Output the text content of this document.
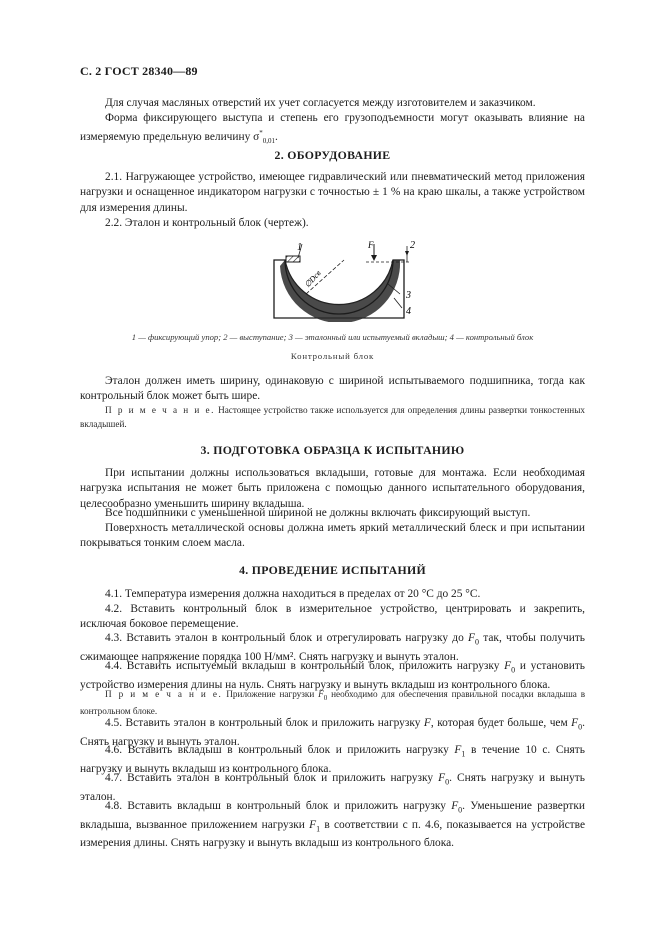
С. 2 ГОСТ 28340—89
Для случая масляных отверстий их учет согласуется между изготовителем и заказчиком.
Форма фиксирующего выступа и степень его грузоподъемности могут оказывать влияние на измеряемую предельную величину $\sigma^*_{0,01}$.
2. ОБОРУДОВАНИЕ
2.1. Нагружающее устройство, имеющее гидравлический или пневматический метод приложения нагрузки и оснащенное индикатором нагрузки с точностью ± 1 % на краю шкалы, а также устройством для измерения длины.
2.2. Эталон и контрольный блок (чертеж).
1	F	2
3
4
∅Dсв
1 — фиксирующий упор; 2 — выступание; 3 — эталонный или испытуемый вкладыш; 4 — контрольный блок
Контрольный блок
Эталон должен иметь ширину, одинаковую с шириной испытываемого подшипника, тогда как контрольный блок может быть шире.
П р и м е ч а н и е. Настоящее устройство также используется для определения длины развертки тонкостенных вкладышей.
3. ПОДГОТОВКА ОБРАЗЦА К ИСПЫТАНИЮ
При испытании должны использоваться вкладыши, готовые для монтажа. Если необходимая нагрузка испытания не может быть приложена с помощью данного испытательного оборудования, целесообразно уменьшить ширину вкладыша.
Все подшипники с уменьшенной шириной не должны включать фиксирующий выступ.
Поверхность металлической основы должна иметь яркий металлический блеск и при испытании покрываться тонким слоем масла.
4. ПРОВЕДЕНИЕ ИСПЫТАНИЙ
4.1. Температура измерения должна находиться в пределах от 20 °С до 25 °С.
4.2. Вставить контрольный блок в измерительное устройство, центрировать и закрепить, исключая боковое перемещение.
4.3. Вставить эталон в контрольный блок и отрегулировать нагрузку до $F_0$ так, чтобы получить сжимающее напряжение порядка 100 Н/мм². Снять нагрузку и вынуть эталон.
4.4. Вставить испытуемый вкладыш в контрольный блок, приложить нагрузку $F_0$ и установить устройство измерения длины на нуль. Снять нагрузку и вынуть вкладыш из контрольного блока.
П р и м е ч а н и е. Приложение нагрузки $F_0$ необходимо для обеспечения правильной посадки вкладыша в контрольном блоке.
4.5. Вставить эталон в контрольный блок и приложить нагрузку F, которая будет больше, чем $F_0$. Снять нагрузку и вынуть эталон.
4.6. Вставить вкладыш в контрольный блок и приложить нагрузку $F_1$ в течение 10 с. Снять нагрузку и вынуть вкладыш из контрольного блока.
4.7. Вставить эталон в контрольный блок и приложить нагрузку $F_0$. Снять нагрузку и вынуть эталон.
4.8. Вставить вкладыш в контрольный блок и приложить нагрузку $F_0$. Уменьшение развертки вкладыша, вызванное приложением нагрузки $F_1$ в соответствии с п. 4.6, показывается на устройстве измерения длины. Снять нагрузку и вынуть вкладыш из контрольного блока.
